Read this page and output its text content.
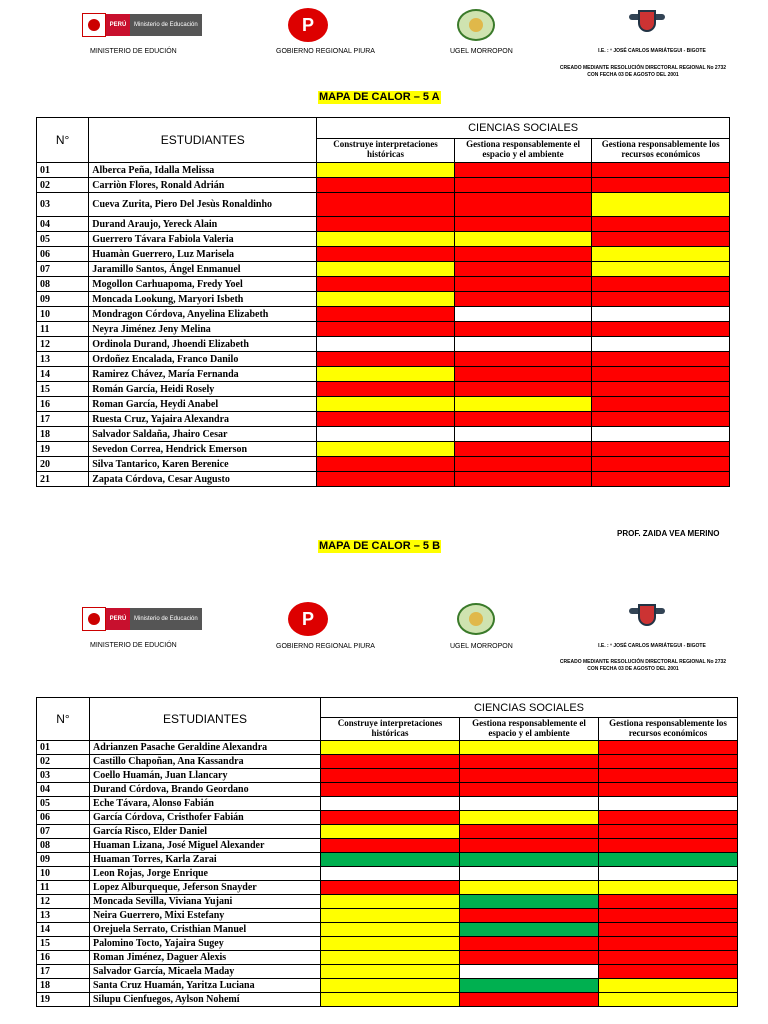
PERÚ	Ministerio de Educación
MINISTERIO DE EDUCIÓN
P
GOBIERNO REGIONAL PIURA	UGEL MORROPON	I.E. : º JOSÉ CARLOS MARIÁTEGUI - BIGOTE
CREADO MEDIANTE RESOLUCIÓN DIRECTORAL REGIONAL No 2732
CON FECHA 03 DE AGOSTO DEL 2001
MAPA DE CALOR – 5 A
N°	ESTUDIANTES	CIENCIAS SOCIALES		
		Construye interpretaciones históricas	Gestiona responsablemente el espacio y el ambiente	Gestiona responsablemente los recursos económicos
01	Alberca Peña, Idalla Melissa			
02	Carriòn Flores, Ronald Adrián			
03	Cueva Zurita, Piero Del Jesùs Ronaldinho			
04	Durand Araujo, Yereck Alain			
05	Guerrero Távara Fabiola Valeria			
06	Huamàn Guerrero, Luz Marisela			
07	Jaramillo Santos, Ángel Enmanuel			
08	Mogollon Carhuapoma, Fredy Yoel			
09	Moncada Lookung, Maryori Isbeth			
10	Mondragon Córdova, Anyelina Elizabeth			
11	Neyra Jiménez Jeny Melina			
12	Ordinola Durand, Jhoendi Elizabeth			
13	Ordoñez Encalada, Franco Danilo			
14	Ramirez Chávez, María Fernanda			
15	Román García, Heidi Rosely			
16	Roman García, Heydi Anabel			
17	Ruesta Cruz, Yajaira Alexandra			
18	Salvador Saldaña, Jhairo Cesar			
19	Sevedon Correa, Hendrick Emerson			
20	Silva Tantarico, Karen Berenice			
21	Zapata Córdova, Cesar Augusto			
PROF. ZAIDA VEA MERINO
MAPA DE CALOR – 5 B
PERÚ	Ministerio de Educación
MINISTERIO DE EDUCIÓN
P
GOBIERNO REGIONAL PIURA	UGEL MORROPON	I.E. : º JOSÉ CARLOS MARIÁTEGUI - BIGOTE
CREADO MEDIANTE RESOLUCIÓN DIRECTORAL REGIONAL No 2732
CON FECHA 03 DE AGOSTO DEL 2001
N°	ESTUDIANTES	CIENCIAS SOCIALES		
		Construye interpretaciones históricas	Gestiona responsablemente el espacio y el ambiente	Gestiona responsablemente los recursos económicos
01	Adrianzen Pasache Geraldine Alexandra			
02	Castillo Chapoñan, Ana Kassandra			
03	Coello Huamán, Juan Llancary			
04	Durand Córdova, Brando Geordano			
05	Eche Távara, Alonso Fabián			
06	García Córdova, Cristhofer Fabián			
07	García Risco, Elder Daniel			
08	Huaman Lizana, José Miguel Alexander			
09	Huaman Torres, Karla Zarai			
10	Leon Rojas, Jorge Enrique			
11	Lopez Alburqueque, Jeferson Snayder			
12	Moncada Sevilla, Viviana Yujani			
13	Neira Guerrero, Mixi Estefany			
14	Orejuela Serrato, Cristhian Manuel			
15	Palomino Tocto, Yajaira Sugey			
16	Roman Jiménez, Daguer Alexis			
17	Salvador García, Micaela Maday			
18	Santa Cruz Huamán, Yaritza Luciana			
19	Silupu Cienfuegos, Aylson Nohemí			
